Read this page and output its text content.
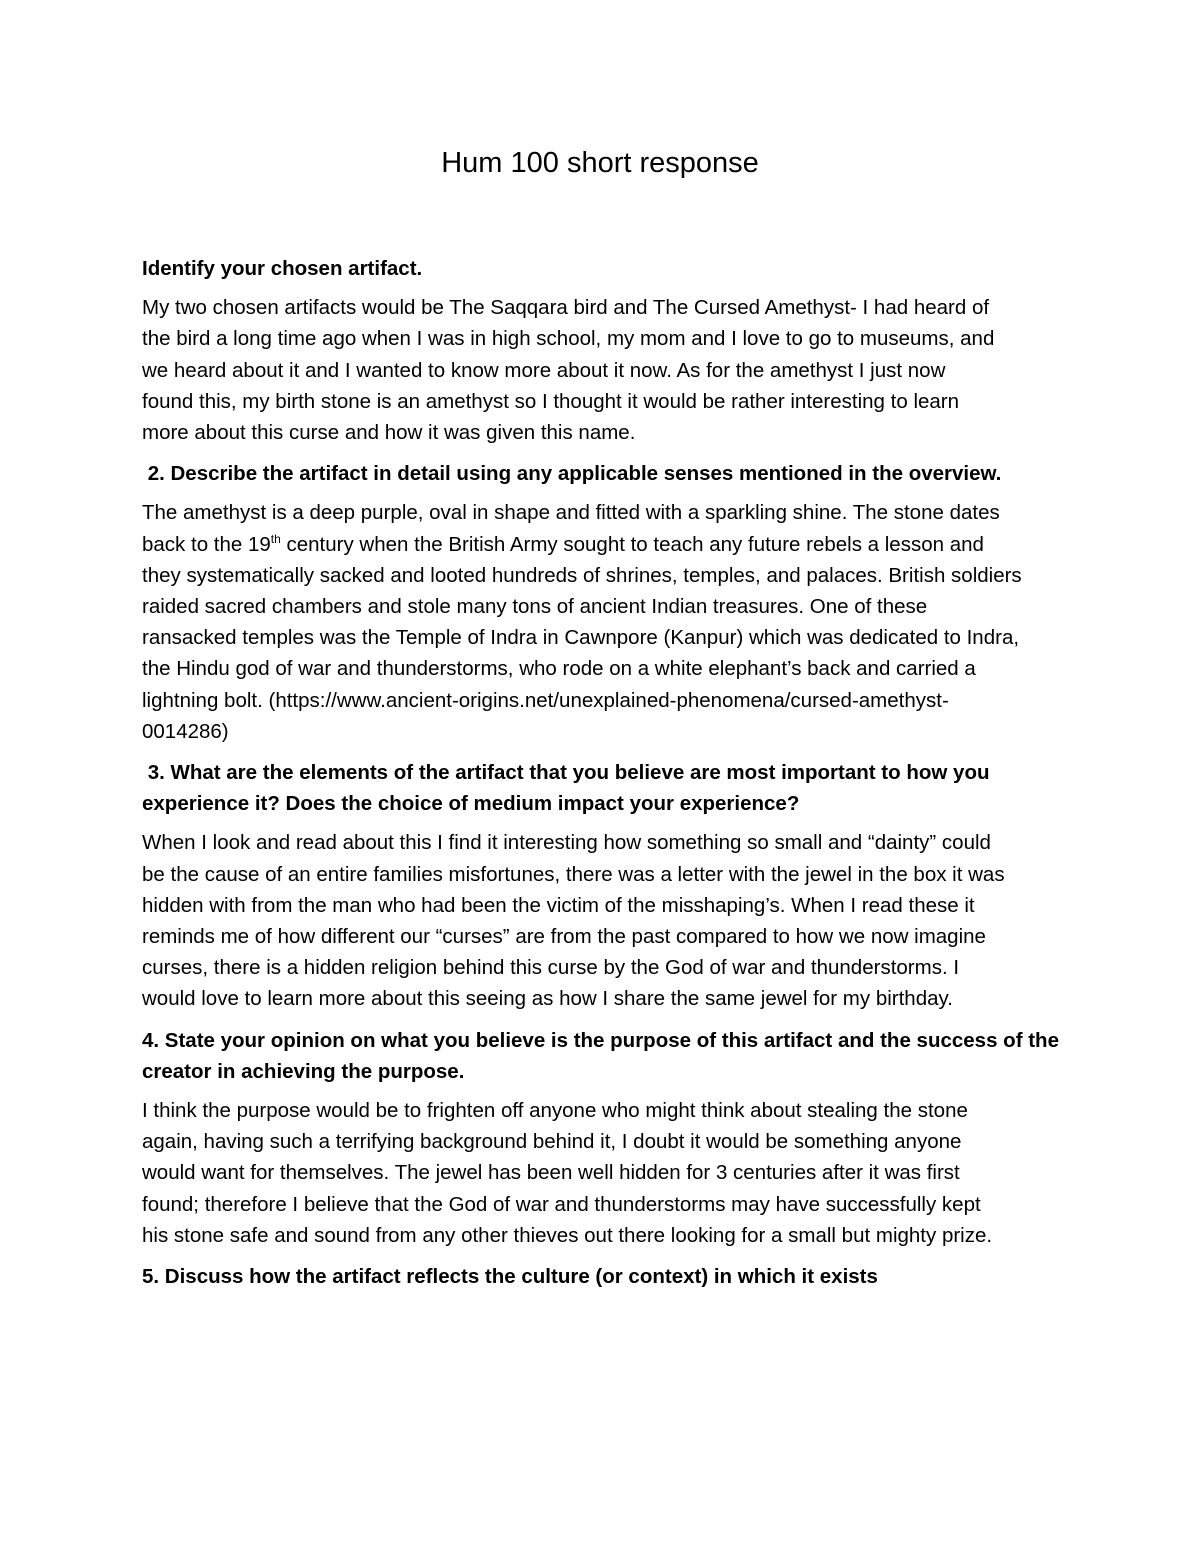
Hum 100 short response

Identify your chosen artifact.

My two chosen artifacts would be The Saqqara bird and The Cursed Amethyst- I had heard of
the bird a long time ago when I was in high school, my mom and I love to go to museums, and
we heard about it and I wanted to know more about it now. As for the amethyst I just now
found this, my birth stone is an amethyst so I thought it would be rather interesting to learn
more about this curse and how it was given this name.

2. Describe the artifact in detail using any applicable senses mentioned in the overview.

The amethyst is a deep purple, oval in shape and fitted with a sparkling shine. The stone dates
back to the 19th century when the British Army sought to teach any future rebels a lesson and
they systematically sacked and looted hundreds of shrines, temples, and palaces. British soldiers
raided sacred chambers and stole many tons of ancient Indian treasures. One of these
ransacked temples was the Temple of Indra in Cawnpore (Kanpur) which was dedicated to Indra,
the Hindu god of war and thunderstorms, who rode on a white elephant’s back and carried a
lightning bolt. (https://www.ancient-origins.net/unexplained-phenomena/cursed-amethyst-
0014286)
3. What are the elements of the artifact that you believe are most important to how you
experience it? Does the choice of medium impact your experience?
When I look and read about this I find it interesting how something so small and “dainty” could
be the cause of an entire families misfortunes, there was a letter with the jewel in the box it was
hidden with from the man who had been the victim of the misshaping’s. When I read these it
reminds me of how different our “curses” are from the past compared to how we now imagine
curses, there is a hidden religion behind this curse by the God of war and thunderstorms. I
would love to learn more about this seeing as how I share the same jewel for my birthday.
4. State your opinion on what you believe is the purpose of this artifact and the success of the
creator in achieving the purpose.
I think the purpose would be to frighten off anyone who might think about stealing the stone
again, having such a terrifying background behind it, I doubt it would be something anyone
would want for themselves. The jewel has been well hidden for 3 centuries after it was first
found; therefore I believe that the God of war and thunderstorms may have successfully kept
his stone safe and sound from any other thieves out there looking for a small but mighty prize.

5. Discuss how the artifact reflects the culture (or context) in which it exists
